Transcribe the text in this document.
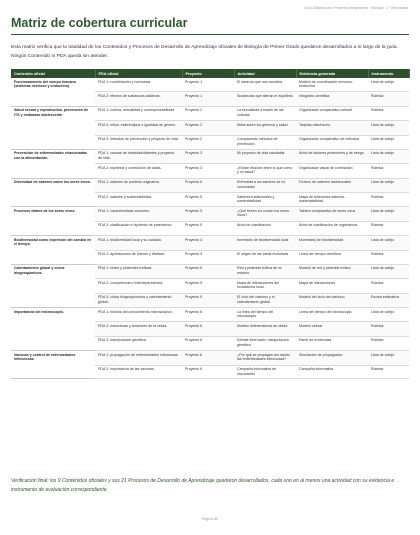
Guía Didáctica por Proyectos Integradores · Biología · 1° Secundaria
Matriz de cobertura curricular
Esta matriz verifica que la totalidad de los Contenidos y Procesos de Desarrollo de Aprendizaje oficiales de Biología de Primer Grado quedaron desarrollados a lo largo de la guía. Ningún Contenido ni PDA queda sin atender.
Contenido oficial	PDA oficial	Proyecto	Actividad	Evidencia generada	Instrumento
Funcionamiento del cuerpo humano (sistemas nervioso y endocrino).	PDA 1: coordinación y hormonas.	Proyecto 1	El sistema que nos coordina	Modelo de coordinación nervioso-endocrina	Lista de cotejo
	PDA 2: efectos de sustancias adictivas.	Proyecto 1	Sustancias que alteran el equilibrio	Infografía científica	Rúbrica
Salud sexual y reproductiva, prevención de ITS y embarazo adolescente.	PDA 1: cultura, sexualidad y corresponsabilidad.	Proyecto 2	La sexualidad a través de las culturas	Organizador comparativo cultural	Rúbrica
	PDA 2: mitos, estereotipos e igualdad de género.	Proyecto 2	Mitos sobre los géneros y salud	Tarjetas mito/hecho	Lista de cotejo
	PDA 3: métodos de prevención y proyecto de vida.	Proyecto 2	Comparando métodos de prevención	Organizador comparativo de métodos	Lista de cotejo
Prevención de enfermedades relacionadas con la alimentación.	PDA 1: causas de obesidad/diabetes y proyecto de vida.	Proyecto 3	Mi proyecto de vida saludable	Árbol de factores protectores y de riesgo	Lista de cotejo
	PDA 2: hipótesis y correlación de datos.	Proyecto 3	¿Existe relación entre lo que como y mi salud?	Organizador visual de correlación	Rúbrica
Diversidad de saberes sobre los seres vivos.	PDA 1: saberes de pueblos originarios.	Proyecto 5	Entrevista a los saberes de mi comunidad	Fichero de saberes tradicionales	Lista de cotejo
	PDA 2: saberes y sustentabilidad.	Proyecto 5	Saberes tradicionales y sustentabilidad	Mapa de relaciones saberes-sustentabilidad	Rúbrica
Procesos vitales de los seres vivos.	PDA 1: características comunes.	Proyecto 5	¿Qué tienen en común los seres vivos?	Tablero comparativo de seres vivos	Lista de cotejo
	PDA 2: clasificación e hipótesis de parentesco.	Proyecto 5	Árbol de clasificación	Árbol de clasificación de organismos	Rúbrica
Biodiversidad como expresión del cambio en el tiempo.	PDA 1: biodiversidad local y su cuidado.	Proyecto 4	Inventario de biodiversidad local	Muestrario de biodiversidad	Lista de cotejo
	PDA 2: aportaciones de Darwin y Wallace.	Proyecto 4	El origen de las ideas evolutivas	Línea del tiempo científica	Rúbrica
Calentamiento global y ciclos biogeoquímicos.	PDA 1: redes y pirámides tróficas.	Proyecto 5	Red y pirámide trófica de mi entorno	Modelo de red y pirámide trófica	Lista de cotejo
	PDA 2: competencia e interdependencia.	Proyecto 5	Mapa de interacciones del ecosistema local	Mapa de interacciones	Rúbrica
	PDA 3: ciclos biogeoquímicos y calentamiento global.	Proyecto 5	El ciclo del carbono y el calentamiento global	Modelo del ciclo del carbono	Escala estimativa
Importancia del microscopio.	PDA 1: historia del conocimiento microscópico.	Proyecto 6	La línea del tiempo del microscopio	Línea del tiempo del microscopio	Lista de cotejo
	PDA 2: estructuras y funciones de la célula.	Proyecto 6	Modelo tridimensional de célula	Modelo celular	Rúbrica
	PDA 3: manipulación genética.	Proyecto 6	Debate informado: manipulación genética	Panel de evidencias	Rúbrica
Vacunas y control de enfermedades infecciosas.	PDA 1: propagación de enfermedades infecciosas.	Proyecto 6	¿Por qué se propagan tan rápido las enfermedades infecciosas?	Simulación de propagación	Lista de cotejo
	PDA 2: importancia de las vacunas.	Proyecto 6	Campaña informativa de vacunación	Campaña informativa	Rúbrica
Verificación final: los 9 Contenidos oficiales y sus 21 Procesos de Desarrollo de Aprendizaje quedaron desarrollados, cada uno en al menos una actividad con su evidencia e instrumento de evaluación correspondiente.
Página 80
